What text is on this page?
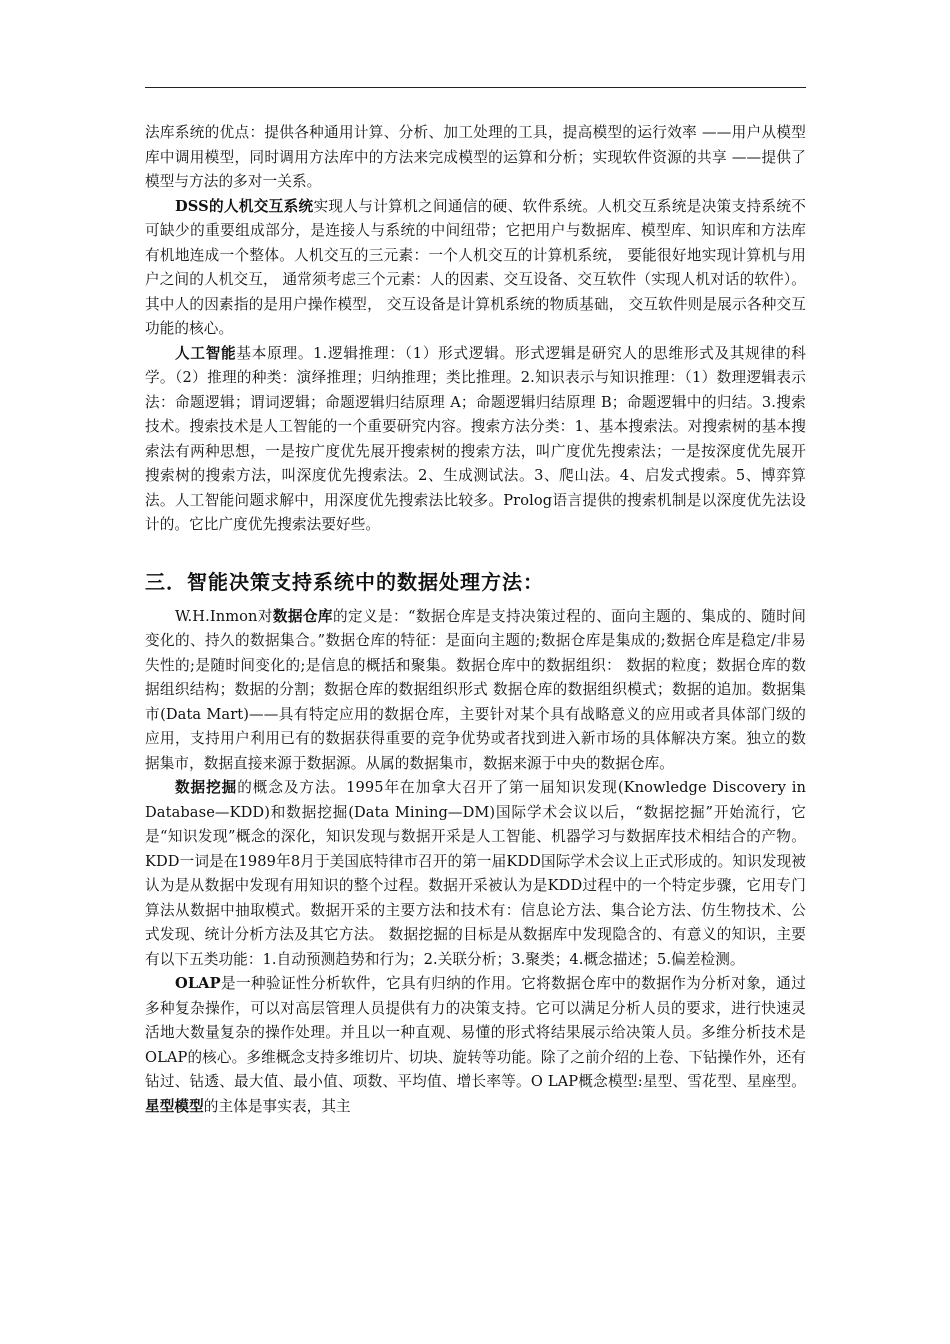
法库系统的优点：提供各种通用计算、分析、加工处理的工具，提高模型的运行效率 ——用户从模型库中调用模型，同时调用方法库中的方法来完成模型的运算和分析；实现软件资源的共享 ——提供了模型与方法的多对一关系。

DSS的人机交互系统实现人与计算机之间通信的硬、软件系统。人机交互系统是决策支持系统不可缺少的重要组成部分，是连接人与系统的中间纽带；它把用户与数据库、模型库、知识库和方法库有机地连成一个整体。人机交互的三元素：一个人机交互的计算机系统， 要能很好地实现计算机与用户之间的人机交互， 通常须考虑三个元素：人的因素、交互设备、交互软件（实现人机对话的软件）。其中人的因素指的是用户操作模型， 交互设备是计算机系统的物质基础， 交互软件则是展示各种交互功能的核心。

人工智能基本原理。1.逻辑推理：（1）形式逻辑。形式逻辑是研究人的思维形式及其规律的科学。（2）推理的种类：演绎推理；归纳推理；类比推理。2.知识表示与知识推理：（1）数理逻辑表示法：命题逻辑；谓词逻辑；命题逻辑归结原理 A；命题逻辑归结原理 B；命题逻辑中的归结。3.搜索技术。搜索技术是人工智能的一个重要研究内容。搜索方法分类：1、基本搜索法。对搜索树的基本搜索法有两种思想，一是按广度优先展开搜索树的搜索方法，叫广度优先搜索法；一是按深度优先展开搜索树的搜索方法，叫深度优先搜索法。2、生成测试法。3、爬山法。4、启发式搜索。5、博弈算法。人工智能问题求解中，用深度优先搜索法比较多。Prolog语言提供的搜索机制是以深度优先法设计的。它比广度优先搜索法要好些。

三．智能决策支持系统中的数据处理方法：

W.H.Inmon对数据仓库的定义是：“数据仓库是支持决策过程的、面向主题的、集成的、随时间变化的、持久的数据集合。”数据仓库的特征：是面向主题的;数据仓库是集成的;数据仓库是稳定/非易失性的;是随时间变化的;是信息的概括和聚集。数据仓库中的数据组织： 数据的粒度；数据仓库的数据组织结构；数据的分割；数据仓库的数据组织形式 数据仓库的数据组织模式；数据的追加。数据集市(Data Mart)——具有特定应用的数据仓库，主要针对某个具有战略意义的应用或者具体部门级的应用，支持用户利用已有的数据获得重要的竞争优势或者找到进入新市场的具体解决方案。独立的数据集市，数据直接来源于数据源。从属的数据集市，数据来源于中央的数据仓库。

数据挖掘的概念及方法。1995年在加拿大召开了第一届知识发现(Knowledge Discovery in Database—KDD)和数据挖掘(Data Mining—DM)国际学术会议以后，“数据挖掘”开始流行，它是“知识发现”概念的深化，知识发现与数据开采是人工智能、机器学习与数据库技术相结合的产物。KDD一词是在1989年8月于美国底特律市召开的第一届KDD国际学术会议上正式形成的。知识发现被认为是从数据中发现有用知识的整个过程。数据开采被认为是KDD过程中的一个特定步骤，它用专门算法从数据中抽取模式。数据开采的主要方法和技术有：信息论方法、集合论方法、仿生物技术、公式发现、统计分析方法及其它方法。 数据挖掘的目标是从数据库中发现隐含的、有意义的知识，主要有以下五类功能：1.自动预测趋势和行为；2.关联分析；3.聚类；4.概念描述；5.偏差检测。

OLAP是一种验证性分析软件，它具有归纳的作用。它将数据仓库中的数据作为分析对象，通过多种复杂操作，可以对高层管理人员提供有力的决策支持。它可以满足分析人员的要求，进行快速灵活地大数量复杂的操作处理。并且以一种直观、易懂的形式将结果展示给决策人员。多维分析技术是OLAP的核心。多维概念支持多维切片、切块、旋转等功能。除了之前介绍的上卷、下钻操作外，还有钻过、钻透、最大值、最小值、项数、平均值、增长率等。O LAP概念模型:星型、雪花型、星座型。星型模型的主体是事实表，其主
